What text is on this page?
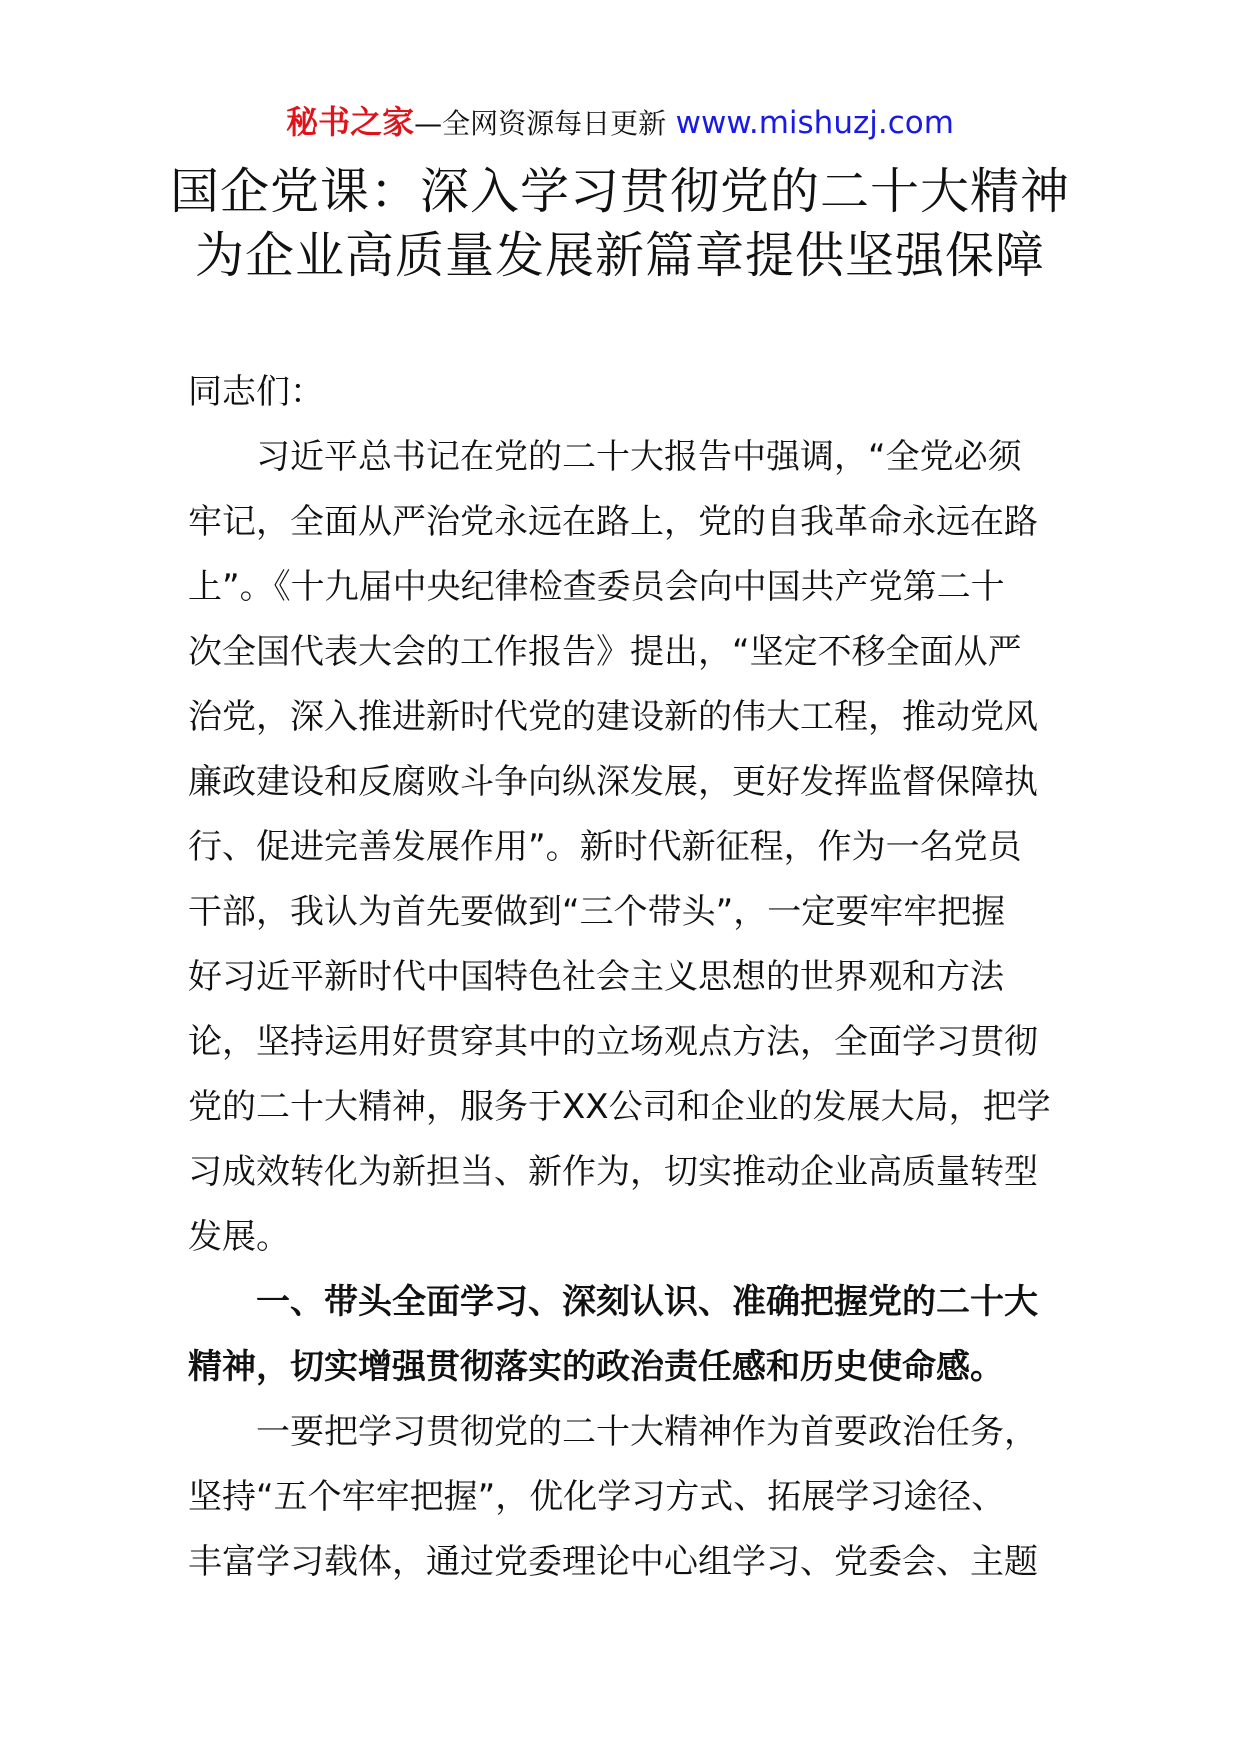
秘书之家—全网资源每日更新 www.mishuzj.com
国企党课：深入学习贯彻党的二十大精神
为企业高质量发展新篇章提供坚强保障
同志们：
习近平总书记在党的二十大报告中强调，“全党必须
牢记，全面从严治党永远在路上，党的自我革命永远在路
上”。《十九届中央纪律检查委员会向中国共产党第二十
次全国代表大会的工作报告》提出，“坚定不移全面从严
治党，深入推进新时代党的建设新的伟大工程，推动党风
廉政建设和反腐败斗争向纵深发展，更好发挥监督保障执
行、促进完善发展作用”。新时代新征程，作为一名党员
干部，我认为首先要做到“三个带头”，一定要牢牢把握
好习近平新时代中国特色社会主义思想的世界观和方法
论，坚持运用好贯穿其中的立场观点方法，全面学习贯彻
党的二十大精神，服务于XX公司和企业的发展大局，把学
习成效转化为新担当、新作为，切实推动企业高质量转型
发展。
一、带头全面学习、深刻认识、准确把握党的二十大
精神，切实增强贯彻落实的政治责任感和历史使命感。
一要把学习贯彻党的二十大精神作为首要政治任务，
坚持“五个牢牢把握”，优化学习方式、拓展学习途径、
丰富学习载体，通过党委理论中心组学习、党委会、主题
